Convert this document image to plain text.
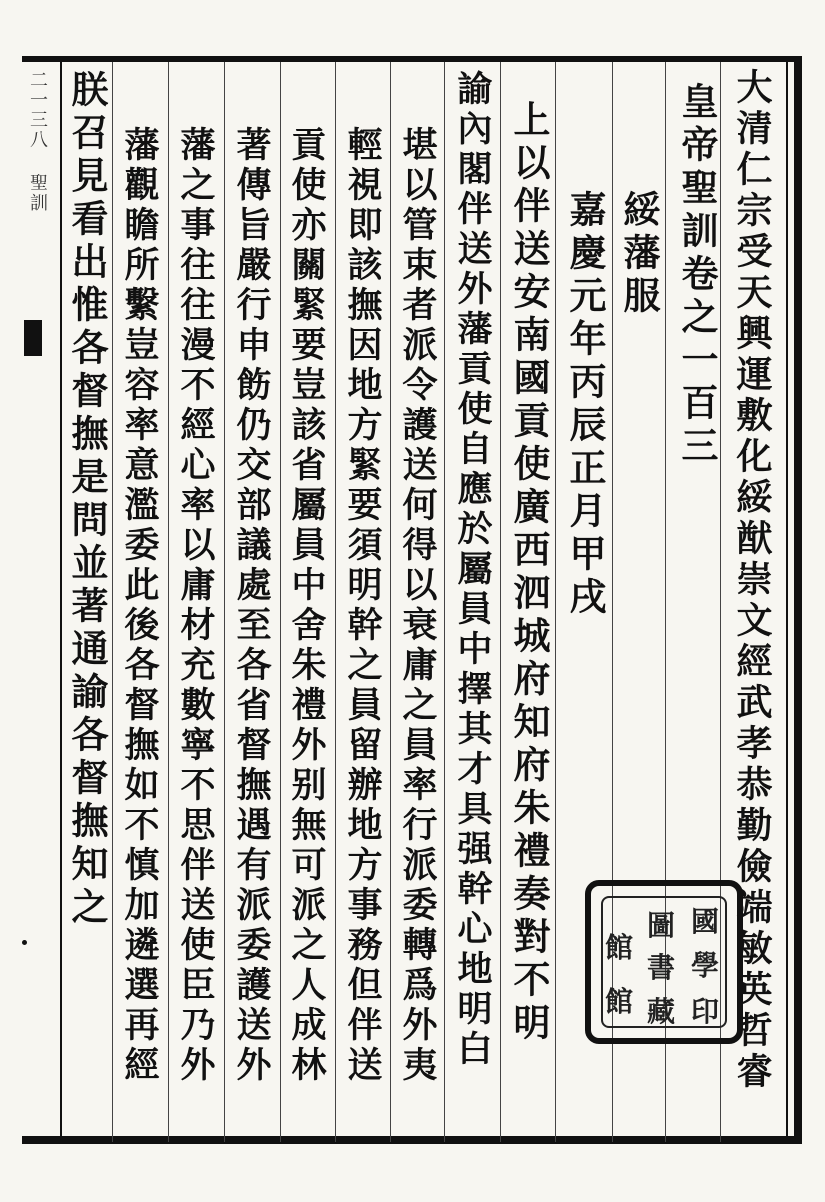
大清仁宗受天興運敷化綏猷崇文經武孝恭勤儉端敏英哲睿
皇帝聖訓卷之一百三
綏藩服
嘉慶元年丙辰正月甲戌
上以伴送安南國貢使廣西泗城府知府朱禮奏對不明
諭內閣伴送外藩貢使自應於屬員中擇其才具强幹心地明白
堪以管束者派令護送何得以衰庸之員率行派委轉爲外夷
輕視即該撫因地方緊要須明幹之員留辦地方事務但伴送
貢使亦關緊要豈該省屬員中舍朱禮外别無可派之人成林
著傳旨嚴行申飭仍交部議處至各省督撫遇有派委護送外
藩之事往往漫不經心率以庸材充數寧不思伴送使臣乃外
藩觀瞻所繫豈容率意濫委此後各督撫如不慎加遴選再經
朕召見看出惟各督撫是問並著通諭各督撫知之
二一三八 聖訓
國
學
圖
書
館
藏 印
館
